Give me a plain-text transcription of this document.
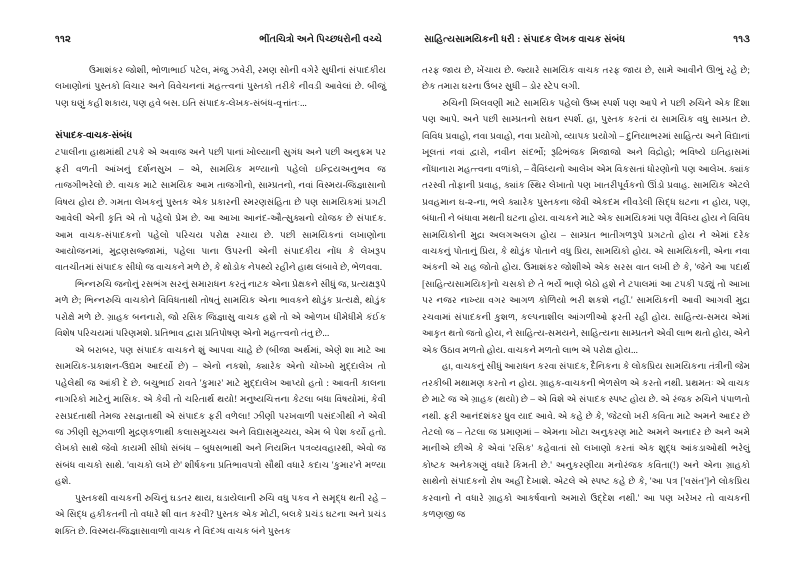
૧૧૨	ભીંતચિત્રો અને પિચ્છધરોની વચ્ચે

ઉમાશંકર જોશી, ભોળાભાઈ પટેલ, મંજુ ઝવેરી, રમણ સોની વગેરે સુધીનાં સંપાદકીય લખાણોનાં પુસ્તકો વિચાર અને વિવેચનનાં મહત્ત્વનાં પુસ્તકો તરીકે નીવડી આવેલાં છે. બીજું પણ ઘણું કહી શકાય, પણ હવે બસ. ઇતિ સંપાદક-લેખક-સંબંધ-વૃત્તાંતઃ...

સંપાદક-વાચક-સંબંધ

ટપાલીના હાથમાંથી ટપકે એ અવાજ અને પછી પાનાં ખોલ્યાની સુગંધ અને પછી અનુક્રમ પર ફરી વળતી આંખનું દર્શનસુખ – એ, સામયિક મળ્યાનો પહેલો ઇન્દ્રિયઅનુભવ જ તાજગીભરેલો છે. વાચક માટે સામયિક આમ તાજગીનો, સામ્પ્રતનો, નવાં વિસ્મય-જિજ્ઞાસાનો વિષય હોય છે. ગમતા લેખકનું પુસ્તક એક પ્રકારની સ્મરણસંહિતા છે પણ સામયિકમાં પ્રગટી આવેલી એની કૃતિ એ તો પહેલો પ્રેમ છે. આ આખા આનંદ-ઔત્સુક્યનો યોજક છે સંપાદક. આમ વાચક-સંપાદકનો પહેલો પરિચય પરોક્ષ રચાય છે. પછી સામયિકનાં લખાણોના આયોજનમાં, મુદ્રણસજ્જામાં, પહેલા પાના ઉપરની એની સંપાદકીય નોંધ કે લેખરૂપ વાતચીતમાં સંપાદક સીધો જ વાચકને મળે છે, કે થોડોક નેપથ્યે રહીને હાથ લંબાવે છે, ભેળવવા.

ભિન્નરુચિ જનોનું રસભંગ સરનું સમારાધન કરતું નાટક એના પ્રેક્ષકને સીધું જ, પ્રત્યક્ષરૂપે મળે છે; ભિન્નરુચિ વાચકોને વિવિધતાથી તોષતું સામયિક એના ભાવકને થોડુંક પ્રત્યક્ષે, થોડુંક પરોક્ષે મળે છે. ગ્રાહક બનનારો, જો રસિક જિજ્ઞાસુ વાચક હશે તો એ ઓળખ ધીમેધીમે કંઈક વિશેષ પરિચયમાં પરિણમશે. પ્રતિભાવ દ્વારા પ્રતિપોષણ એનો મહત્ત્વનો તંતુ છે...

એ બરાબર, પણ સંપાદક વાચકને શું આપવા ચાહે છે (બીજા અર્થમાં, એણે શા માટે આ સામયિક-પ્રકાશન-ઉદ્યમ આદર્યો છે) – એનો નકશો, ક્યારેક એનો ચોખ્ખો મુદ્દાલેખ તો પહેલેથી જ આંકી દે છે. બચુભાઈ રાવતે 'કુમાર' માટે મુદ્દાલેખ આપ્યો હતો : આવતી કાલના નાગરિકો માટેનું માસિક. એ કેવી તો ચરિતાર્થ થયો! મનુષ્યચિત્તના કેટલા બધા વિષયોમાં, કેવી રસપ્રદતાથી તેમજ રસજ્ઞતાથી એ સંપાદક ફરી વળેલા! ઝીણી પરખવાળી પસંદગીથી ને એવી જ ઝીણી સૂઝવાળી મુદ્રણકળાથી કલાસમુચ્ચય અને વિદ્યાસમુચ્ચય, એમ બે પેશ કર્યો હતો. લેખકો સાથે જેવો કાયમી સીધો સંબંધ – બુધસભાથી અને નિયમિત પત્રવ્યવહારથી, એવો જ સંબંધ વાચકો સાથે. 'વાચકો લખે છે' શીર્ષકના પ્રતિભાવપત્રો સૌથી વધારે કદાચ 'કુમાર'ને મળ્યા હશે.

પુસ્તકથી વાચકની રુચિનું ઘડતર થાય, ઘડાયેલાની રુચિ વધુ પકવ ને સમૃદ્ધ થતી રહે – એ સિદ્ધ હકીકતની તો વધારે શી વાત કરવી? પુસ્તક એક મોટી, બલકે પ્રચંડ ઘટના અને પ્રચંડ શક્તિ છે. વિસ્મય-જિજ્ઞાસાવાળો વાચક ને વિદગ્ધ વાચક બંને પુસ્તક

સાહિત્યસામયિકની ધરી : સંપાદક લેખક વાચક સંબંધ	૧૧૩

તરફ જાય છે, ખેંચાય છે. જ્યારે સામયિક વાચક તરફ જાય છે, સામે આવીને ઊભું રહે છે; છેક તમારા ઘરના ઉંબર સુધી – ડોર સ્ટેપ લગી.

રુચિની ખિલવણી માટે સામયિક પહેલો ઉષ્મ સ્પર્શ પણ આપે ને પછી રુચિને એક દિશા પણ આપે. અને પછી સામ્પ્રતનો સઘન સ્પર્શ. હા, પુસ્તક કરતાં ય સામયિક વધુ સામ્પ્રત છે. વિવિધ પ્રવાહો, નવા પ્રવાહો, નવા પ્રયોગો, વ્યાપક પ્રયોગો – દુનિયાભરમાં સાહિત્ય અને વિદ્યાનાં ખૂલતાં નવાં દ્વારો, નવીન સંદર્ભો; રૂઢિભંજક મિજાજો અને વિદ્રોહો; ભવિષ્યે ઇતિહાસમાં નોંધાનારા મહત્ત્વના વળાંકો, – વૈવિધ્યનો આલેખ એમ વિકસતાં ધોરણોનો પણ આલેખ. ક્યાંક તરસ્વી તોફાની પ્રવાહ, ક્યાંક સ્થિર લેખાતો પણ ખાતરીપૂર્વકનો ઊંડો પ્રવાહ. સામયિક એટલે પ્રવહમાન ઘ-૨-ના, ભલે ક્યારેક પુસ્તકના જેવી એકદમ નીવડેલી સિદ્ધ ઘટના ન હોય, પણ, બંધાતી ને બંધાવા મથતી ઘટના હોય. વાચકને માટે એક સામયિકમાં પણ વૈવિધ્ય હોય ને વિવિધ સામયિકોની મુદ્રા અલગઅલગ હોય – સામ્પ્રત ભાતીગળરૂપે પ્રગટતો હોય ને એમાં દરેક વાચકનું પોતાનું પ્રિય, કે થોડુંક પોતાને વધુ પ્રિય, સામયિકો હોય. એ સામયિકની, એના નવા અંકની એ રાહ જોતો હોય. ઉમાશંકર જોશીએ એક સરસ વાત લખી છે કે, 'જેને આ પદાર્થ [સાહિત્યસામયિક]નો ચસકો છે તે ભર્યે ભાણે બેઠો હશે ને ટપાલમાં આ ટપકી પડ્યું તો આખા પર નજર નાખ્યા વગર આગળ કોળિયો ભરી શકશે નહીં.' સામયિકની આવી આગવી મુદ્રા રચવામાં સંપાદકની કુશળ, કલ્પનાશીલ આંગળીઓ ફરતી રહી હોય. સાહિત્ય-સમય એમાં આકૃત થતો જતો હોય, ને સાહિત્ય-સમયને, સાહિત્યના સામ્પ્રતને એવી લાભ થતો હોય, એને એક ઉઠાવ મળતો હોય. વાચકને મળતો લાભ એ પરોક્ષ હોય...

હા, વાચકનું સીધું આરાધન કરવા સંપાદક, દૈનિકના કે લોકપ્રિય સામયિકના તંત્રીની જેમ તરકીબી મથામણ કરતો ન હોય. ગ્રાહક-વાચકની ભેળસેળ એ કરતો નથી. પ્રથમતઃ એ વાચક છે માટે જ એ ગ્રાહક (થયો) છે – એ વિશે એ સંપાદક સ્પષ્ટ હોય છે. એ રંજક રુચિને પંપાળતો નથી. ફરી આનંદશંકર ધ્રુવ યાદ આવે. એ કહે છે કે, 'જેટલો ખરી કવિતા માટે અમને આદર છે તેટલો જ – તેટલા જ પ્રમાણમાં – એમના ખોટા અનુકરણ માટે અમને અનાદર છે અને અમે માનીએ છીએ કે એવાં 'રસિક' કહેવાતાં સો લખાણો કરતાં એક શુદ્ધ આંકડાઓથી ભરેલું કોષ્ટક અનેકગણું વધારે કિમતી છે.' અનુકરણીયા મનોરંજક કવિતા(!) અને એના ગ્રાહકો સાથેનો સંપાદકનો રોષ અહીં દેખાશે. એટલે એ સ્પષ્ટ કહે છે કે, 'આ પત્ર ['વસંત']ને લોકપ્રિય કરવાનો ને વધારે ગ્રાહકો આકર્ષવાનો અમારો ઉદ્દેશ નથી.' આ પણ ખરેખર તો વાચકની કળણજી જ
